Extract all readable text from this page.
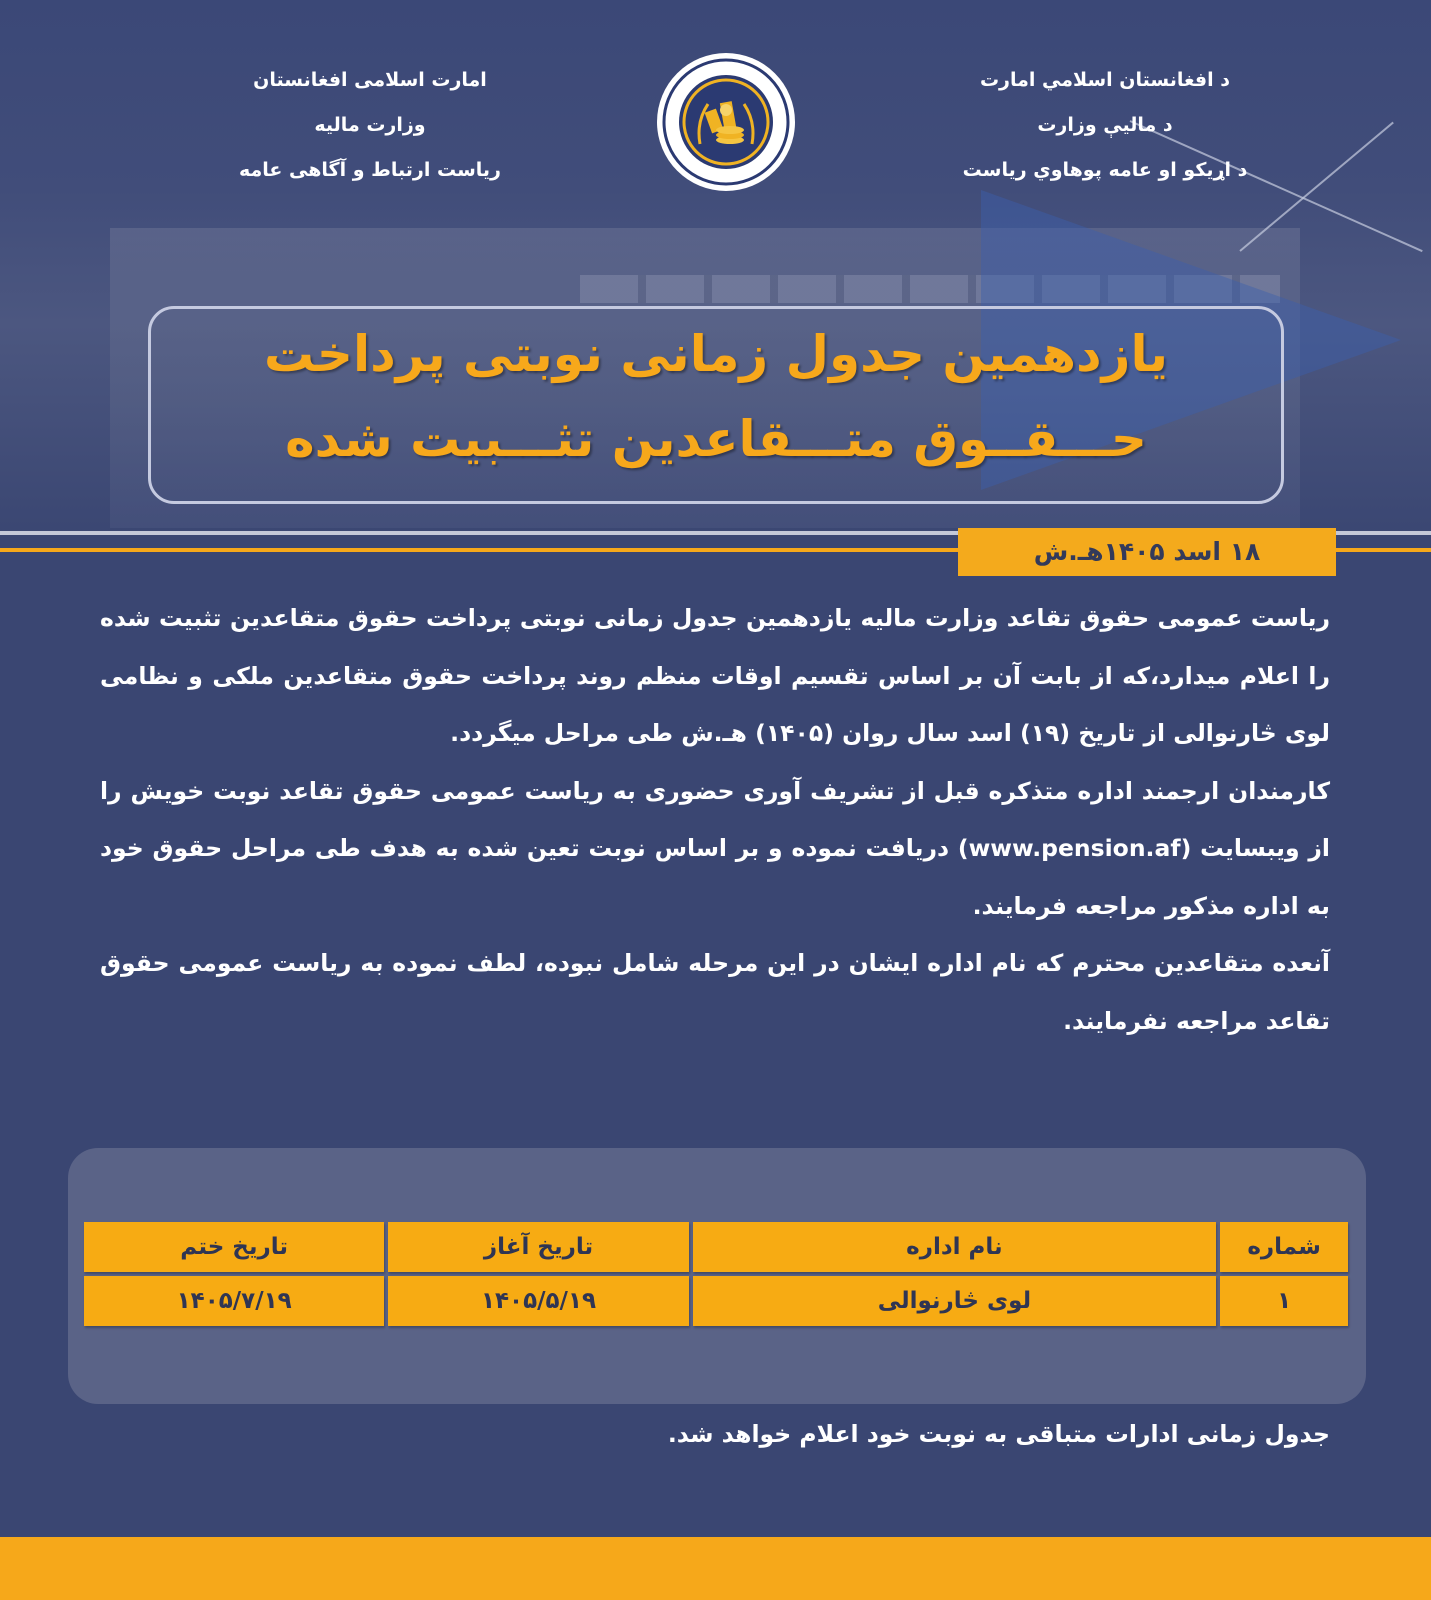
د افغانستان اسلامي امارت
د ماليې وزارت
د اړیکو او عامه پوهاوي رياست
امارت اسلامی افغانستان
وزارت مالیه
ریاست ارتباط و آگاهی عامه
یازدهمین جدول زمانی نوبتی پرداخت
حـــقــوق متـــقاعدین تثـــبیت شده
۱۸ اسد ۱۴۰۵هـ.ش

ریاست عمومی حقوق تقاعد وزارت مالیه یازدهمین جدول زمانی نوبتی پرداخت حقوق متقاعدین تثبیت شده را اعلام میدارد،که از بابت آن بر اساس تقسیم اوقات منظم روند پرداخت حقوق متقاعدین ملکی و نظامی لوی څارنوالی از تاریخ (۱۹) اسد سال روان (۱۴۰۵) هـ.ش طی مراحل میگردد.

کارمندان ارجمند اداره متذکره قبل از تشریف آوری حضوری به ریاست عمومی حقوق تقاعد نوبت خویش را از ویبسایت (www.pension.af) دریافت نموده و بر اساس نوبت تعین شده به هدف طی مراحل حقوق خود به اداره مذکور مراجعه فرمایند.

آنعده متقاعدین محترم که نام اداره ایشان در این مرحله شامل نبوده، لطف نموده به ریاست عمومی حقوق تقاعد مراجعه نفرمایند.

شماره	نام اداره	تاریخ آغاز	تاریخ ختم
۱	لوی څارنوالی	۱۴۰۵/۵/۱۹	۱۴۰۵/۷/۱۹
جدول زمانی ادارات متباقی به نوبت خود اعلام خواهد شد.
